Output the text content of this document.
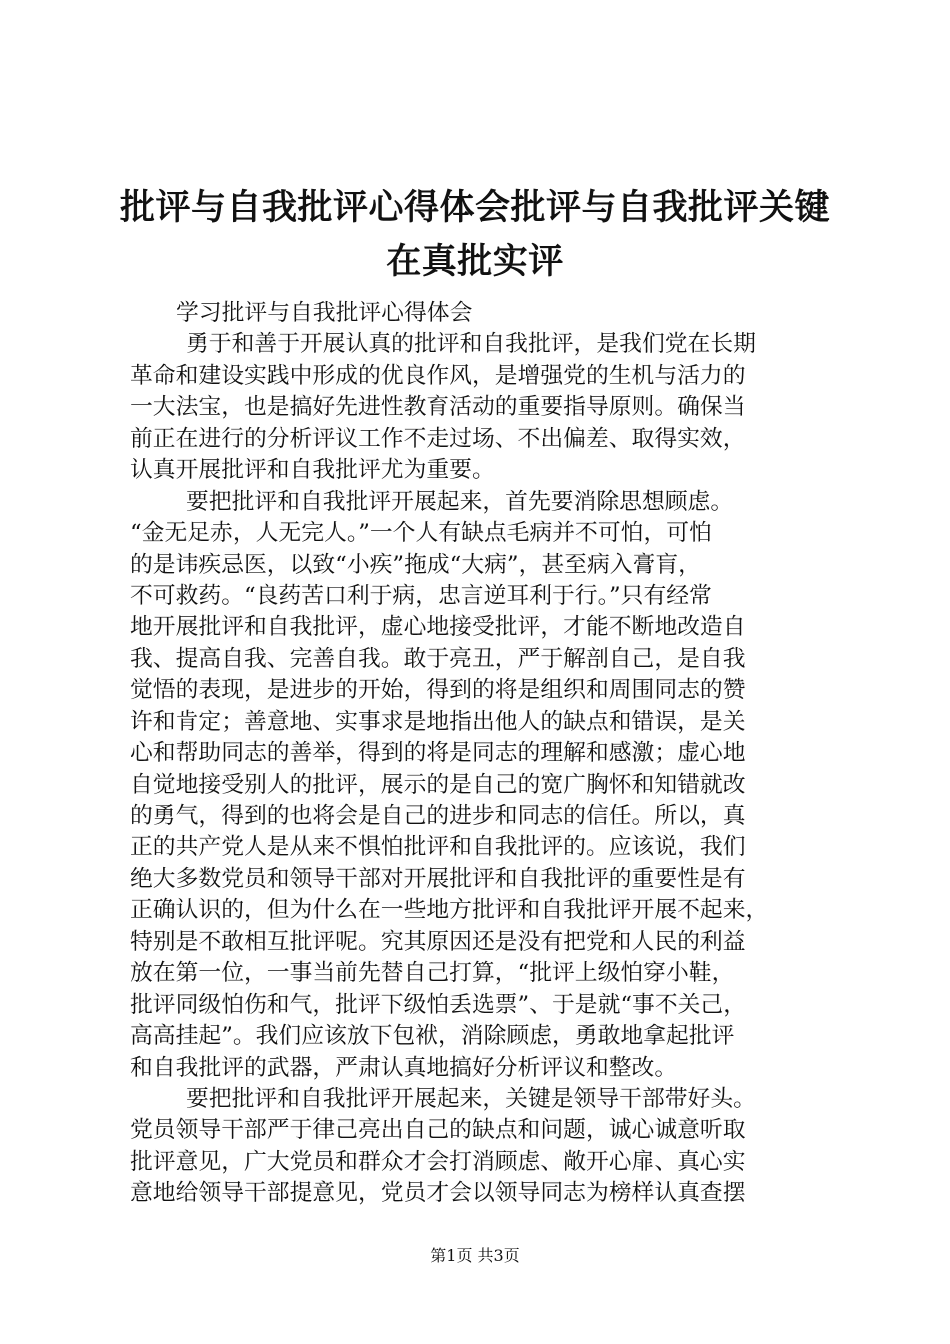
批评与自我批评心得体会批评与自我批评关键
在真批实评
学习批评与自我批评心得体会
勇于和善于开展认真的批评和自我批评，是我们党在长期
革命和建设实践中形成的优良作风，是增强党的生机与活力的
一大法宝，也是搞好先进性教育活动的重要指导原则。确保当
前正在进行的分析评议工作不走过场、不出偏差、取得实效，
认真开展批评和自我批评尤为重要。
要把批评和自我批评开展起来，首先要消除思想顾虑。
“金无足赤，人无完人。”一个人有缺点毛病并不可怕，可怕
的是讳疾忌医，以致“小疾”拖成“大病”，甚至病入膏肓，
不可救药。“良药苦口利于病，忠言逆耳利于行。”只有经常
地开展批评和自我批评，虚心地接受批评，才能不断地改造自
我、提高自我、完善自我。敢于亮丑，严于解剖自己，是自我
觉悟的表现，是进步的开始，得到的将是组织和周围同志的赞
许和肯定；善意地、实事求是地指出他人的缺点和错误，是关
心和帮助同志的善举，得到的将是同志的理解和感激；虚心地
自觉地接受别人的批评，展示的是自己的宽广胸怀和知错就改
的勇气，得到的也将会是自己的进步和同志的信任。所以，真
正的共产党人是从来不惧怕批评和自我批评的。应该说，我们
绝大多数党员和领导干部对开展批评和自我批评的重要性是有
正确认识的，但为什么在一些地方批评和自我批评开展不起来，
特别是不敢相互批评呢。究其原因还是没有把党和人民的利益
放在第一位，一事当前先替自己打算，“批评上级怕穿小鞋，
批评同级怕伤和气，批评下级怕丢选票”、于是就“事不关己，
高高挂起”。我们应该放下包袱，消除顾虑，勇敢地拿起批评
和自我批评的武器，严肃认真地搞好分析评议和整改。
要把批评和自我批评开展起来，关键是领导干部带好头。
党员领导干部严于律己亮出自己的缺点和问题，诚心诚意听取
批评意见，广大党员和群众才会打消顾虑、敞开心扉、真心实
意地给领导干部提意见，党员才会以领导同志为榜样认真查摆
第1页 共3页
